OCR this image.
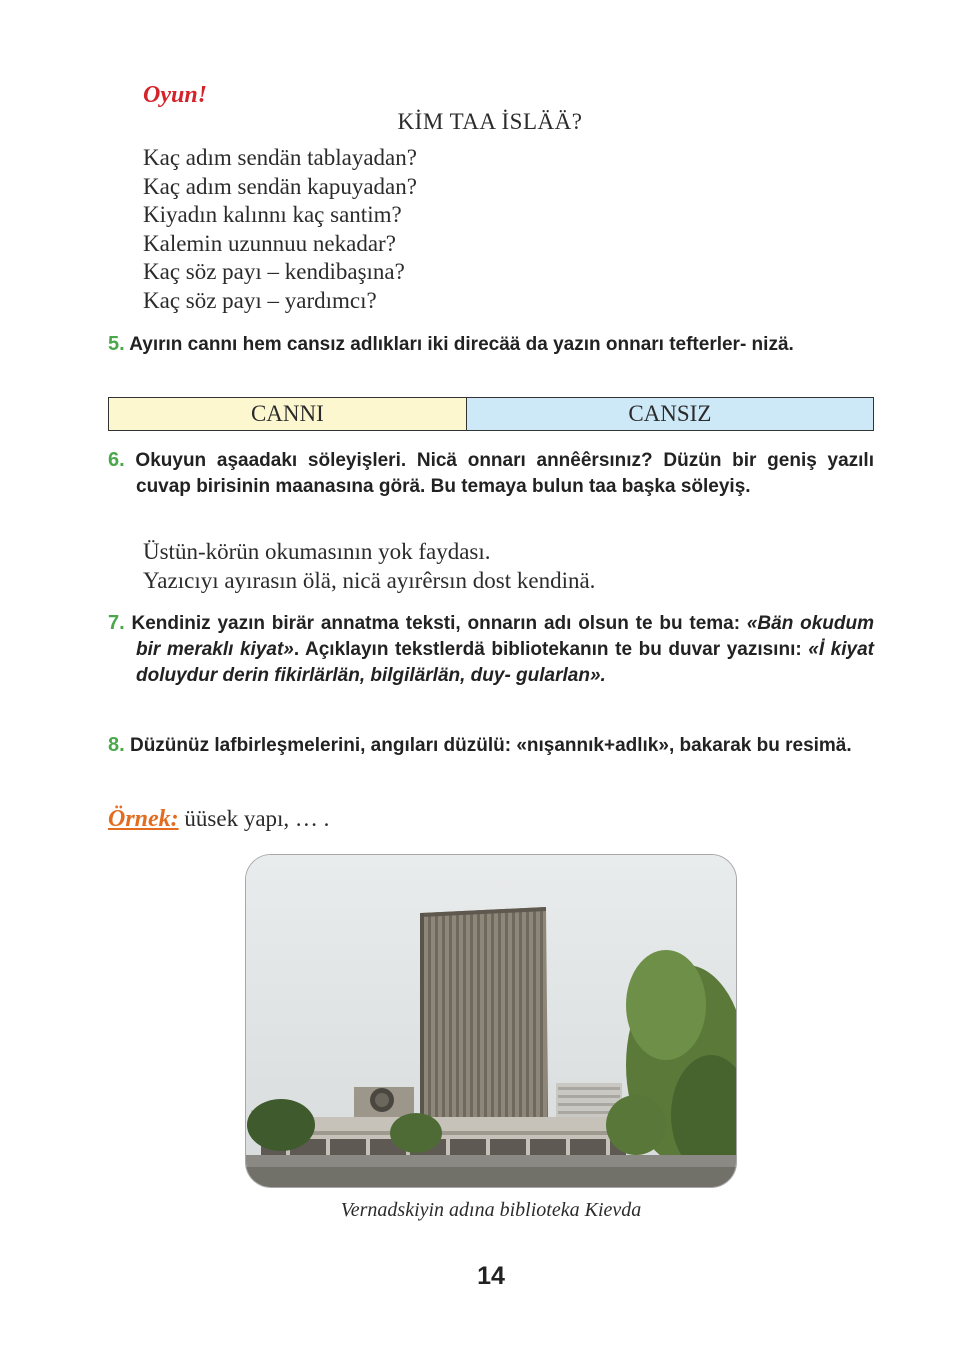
Oyun!
KİM TAA İSLÄÄ?
Kaç adım sendän tablayadan?
Kaç adım sendän kapuyadan?
Kiyadın kalınnı kaç santim?
Kalemin uzunnuu nekadar?
Kaç söz payı – kendibaşına?
Kaç söz payı – yardımcı?
5. Ayırın cannı hem cansız adlıkları iki direcää da yazın onnarı tefterler- nizä.
CANNI	CANSIZ
6. Okuyun aşaadakı söleyişleri. Nicä onnarı annêêrsınız? Düzün bir geniş yazılı cuvap birisinin maanasına görä. Bu temaya bulun taa başka söleyiş.
Üstün-körün okumasının yok faydası.
Yazıcıyı ayırasın ölä, nicä ayırêrsın dost kendinä.
7. Kendiniz yazın birär annatma teksti, onnarın adı olsun te bu tema: «Bän okudum bir meraklı kiyat». Açıklayın tekstlerdä bibliotekanın te bu duvar yazısını: «İ kiyat doluydur derin fikirlärlän, bilgilärlän, duy- gularlan».
8. Düzünüz lafbirleşmelerini, angıları düzülü: «nışannık+adlık», bakarak bu resimä.
Örnek: üüsek yapı, … .
Vernadskiyin adına biblioteka Kievda
14
